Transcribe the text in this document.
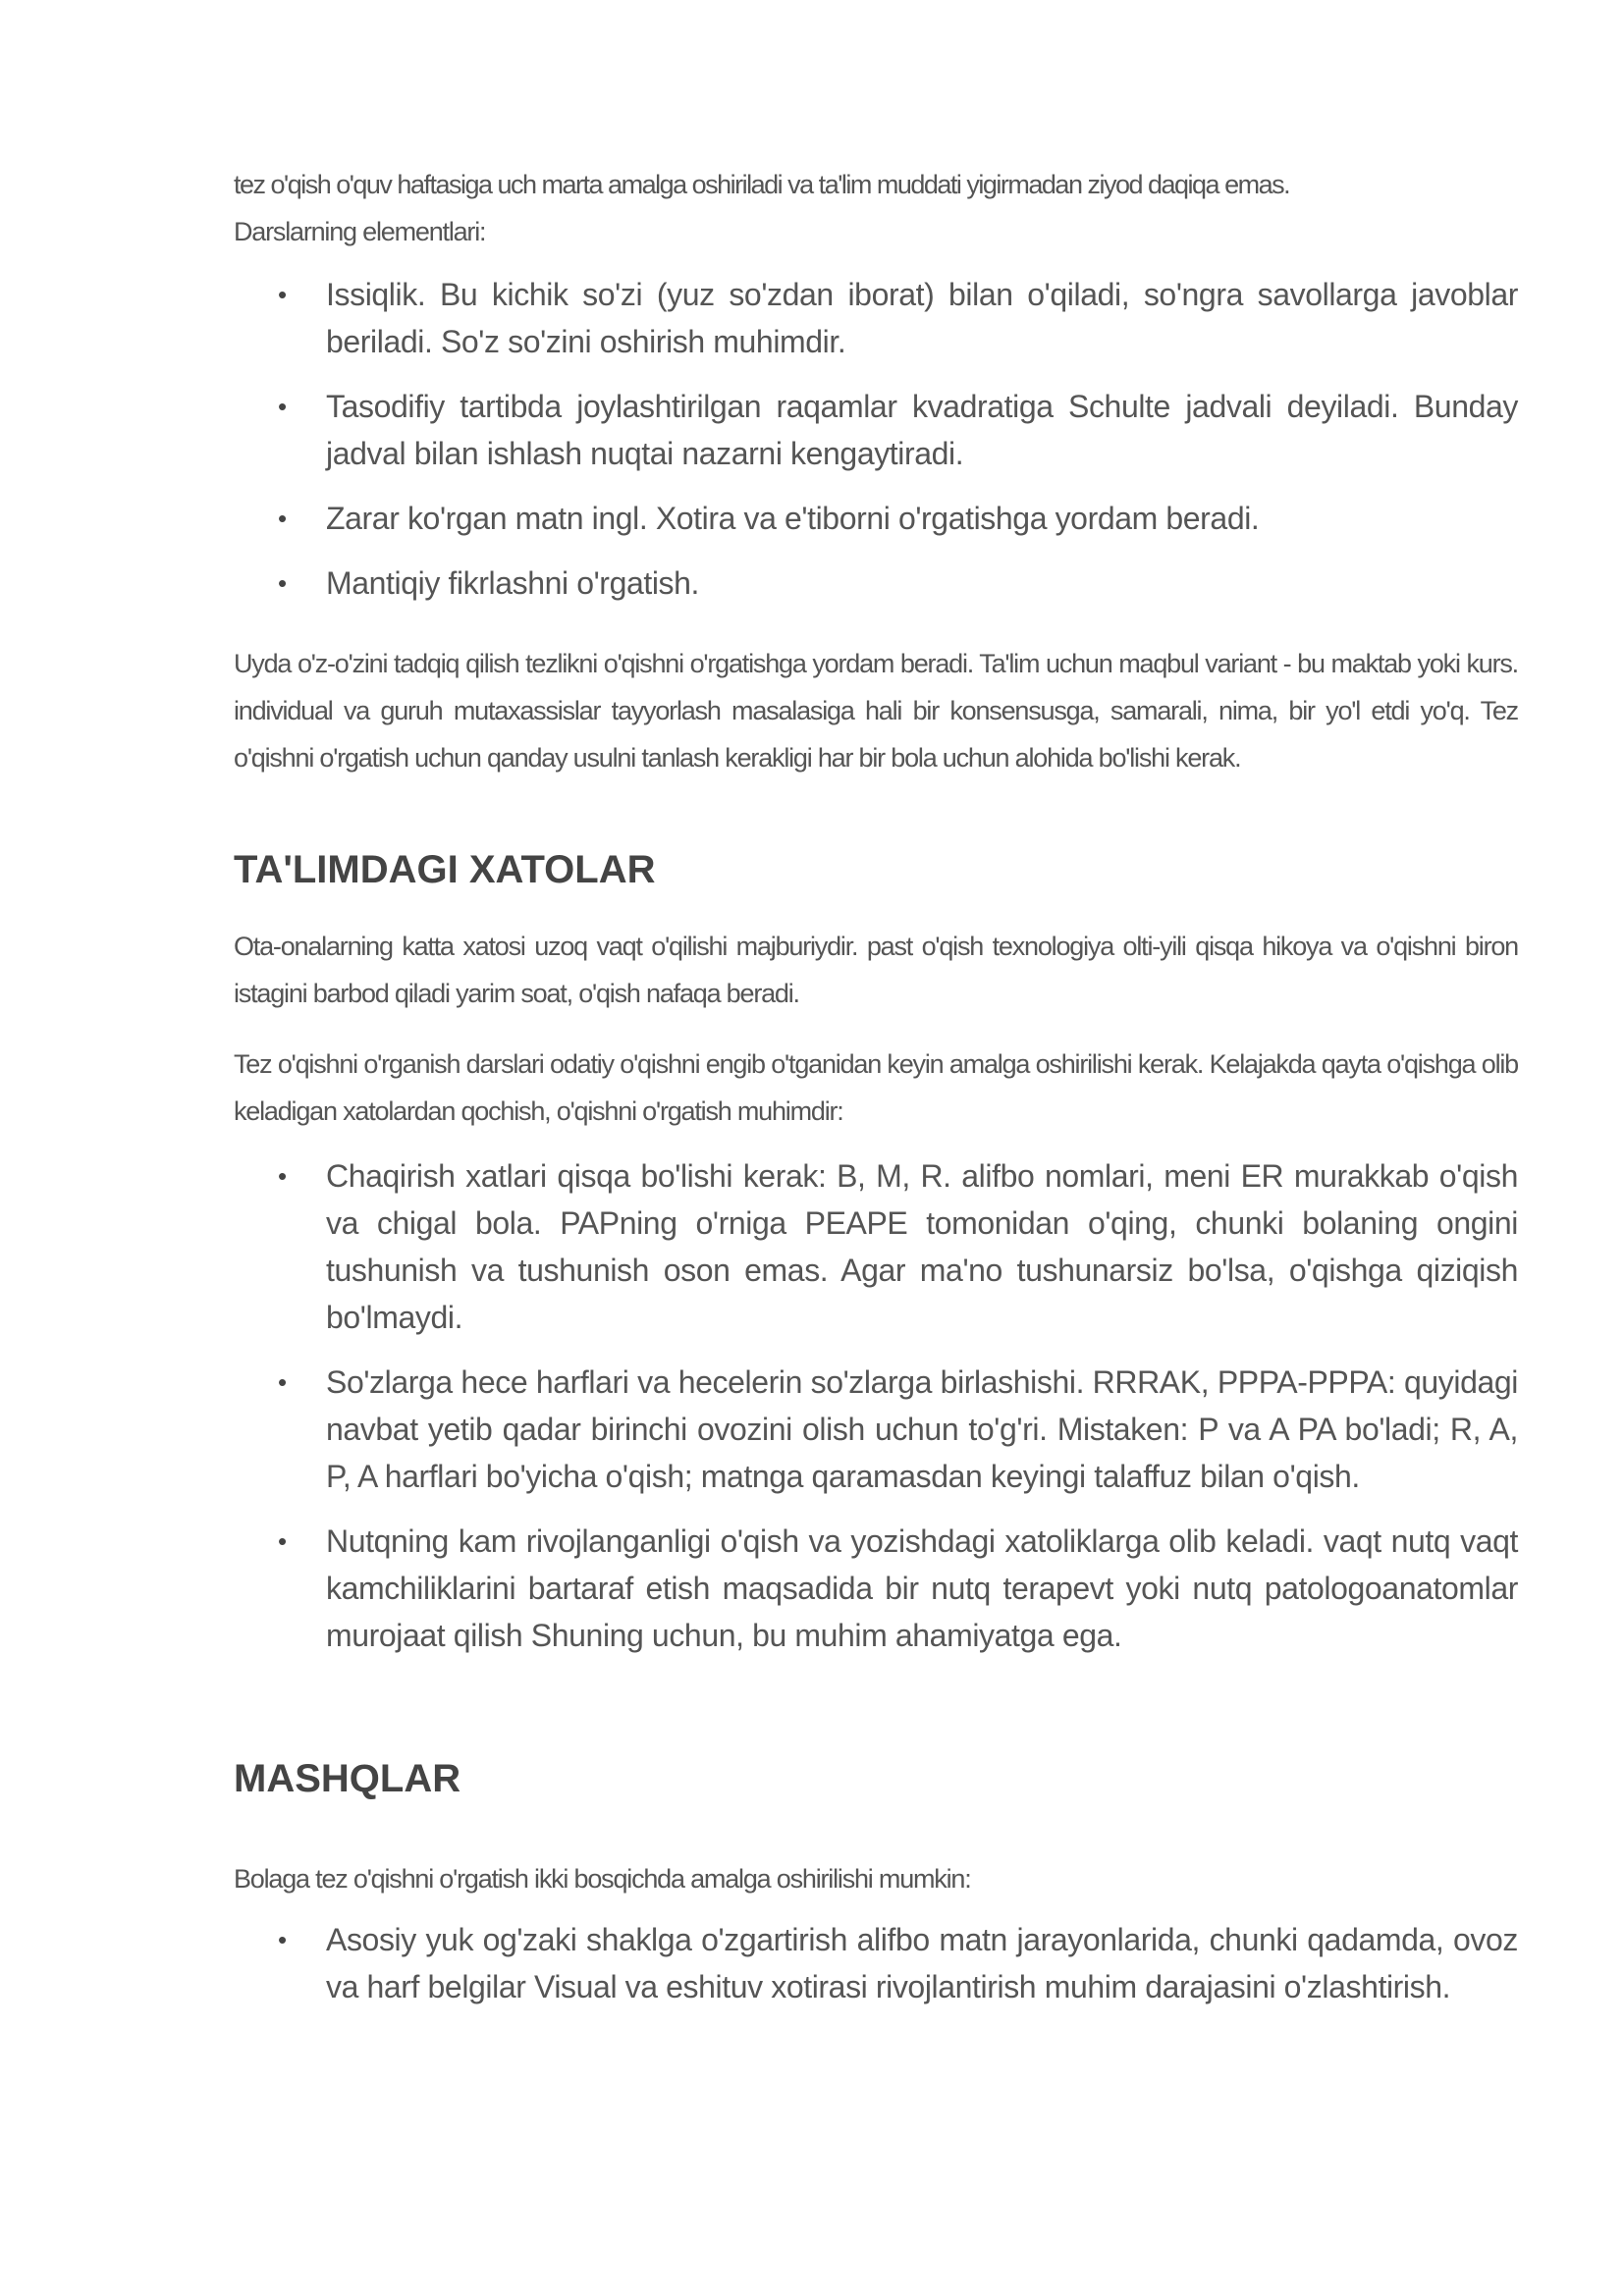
tez o'qish o'quv haftasiga uch marta amalga oshiriladi va ta'lim muddati yigirmadan ziyod daqiqa emas.

Darslarning elementlari:

• Issiqlik. Bu kichik so'zi (yuz so'zdan iborat) bilan o'qiladi, so'ngra savollarga javoblar beriladi. So'z so'zini oshirish muhimdir.
• Tasodifiy tartibda joylashtirilgan raqamlar kvadratiga Schulte jadvali deyiladi. Bunday jadval bilan ishlash nuqtai nazarni kengaytiradi.
• Zarar ko'rgan matn ingl. Xotira va e'tiborni o'rgatishga yordam beradi.
• Mantiqiy fikrlashni o'rgatish.

Uyda o'z-o'zini tadqiq qilish tezlikni o'qishni o'rgatishga yordam beradi. Ta'lim uchun maqbul variant - bu maktab yoki kurs. individual va guruh mutaxassislar tayyorlash masalasiga hali bir konsensusga, samarali, nima, bir yo'l etdi yo'q. Tez o'qishni o'rgatish uchun qanday usulni tanlash kerakligi har bir bola uchun alohida bo'lishi kerak.

TA'LIMDAGI XATOLAR

Ota-onalarning katta xatosi uzoq vaqt o'qilishi majburiydir. past o'qish texnologiya olti-yili qisqa hikoya va o'qishni biron istagini barbod qiladi yarim soat, o'qish nafaqa beradi.

Tez o'qishni o'rganish darslari odatiy o'qishni engib o'tganidan keyin amalga oshirilishi kerak. Kelajakda qayta o'qishga olib keladigan xatolardan qochish, o'qishni o'rgatish muhimdir:

• Chaqirish xatlari qisqa bo'lishi kerak: B, M, R. alifbo nomlari, meni ER murakkab o'qish va chigal bola. PAPning o'rniga PEAPE tomonidan o'qing, chunki bolaning ongini tushunish va tushunish oson emas. Agar ma'no tushunarsiz bo'lsa, o'qishga qiziqish bo'lmaydi.
• So'zlarga hece harflari va hecelerin so'zlarga birlashishi. RRRAK, PPPA-PPPA: quyidagi navbat yetib qadar birinchi ovozini olish uchun to'g'ri. Mistaken: P va A PA bo'ladi; R, A, P, A harflari bo'yicha o'qish; matnga qaramasdan keyingi talaffuz bilan o'qish.
• Nutqning kam rivojlanganligi o'qish va yozishdagi xatoliklarga olib keladi. vaqt nutq vaqt kamchiliklarini bartaraf etish maqsadida bir nutq terapevt yoki nutq patologoanatomlar murojaat qilish Shuning uchun, bu muhim ahamiyatga ega.
MASHQLAR

Bolaga tez o'qishni o'rgatish ikki bosqichda amalga oshirilishi mumkin:

• Asosiy yuk og'zaki shaklga o'zgartirish alifbo matn jarayonlarida, chunki qadamda, ovoz va harf belgilar Visual va eshituv xotirasi rivojlantirish muhim darajasini o'zlashtirish.
